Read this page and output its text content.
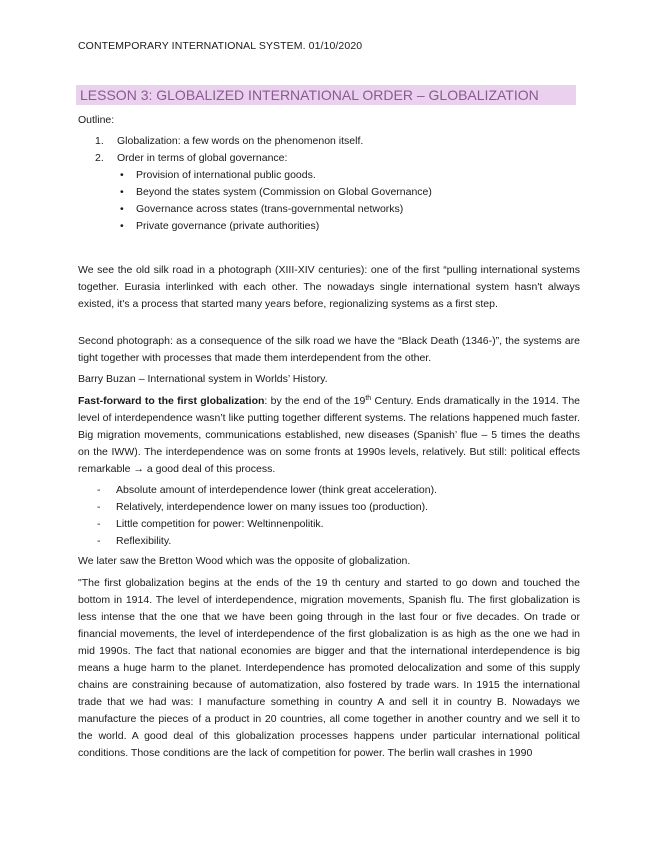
CONTEMPORARY INTERNATIONAL SYSTEM. 01/10/2020
LESSON 3: GLOBALIZED INTERNATIONAL ORDER – GLOBALIZATION
Outline:
1. Globalization: a few words on the phenomenon itself.
2. Order in terms of global governance:
• Provision of international public goods.
• Beyond the states system (Commission on Global Governance)
• Governance across states (trans-governmental networks)
• Private governance (private authorities)

We see the old silk road in a photograph (XIII-XIV centuries): one of the first “pulling international systems together. Eurasia interlinked with each other. The nowadays single international system hasn't always existed, it's a process that started many years before, regionalizing systems as a first step.

Second photograph: as a consequence of the silk road we have the “Black Death (1346-)”, the systems are tight together with processes that made them interdependent from the other.

Barry Buzan – International system in Worlds’ History.

Fast-forward to the first globalization: by the end of the 19th Century. Ends dramatically in the 1914. The level of interdependence wasn’t like putting together different systems. The relations happened much faster. Big migration movements, communications established, new diseases (Spanish’ flue – 5 times the deaths on the IWW). The interdependence was on some fronts at 1990s levels, relatively. But still: political effects remarkable → a good deal of this process.

- Absolute amount of interdependence lower (think great acceleration).
- Relatively, interdependence lower on many issues too (production).
- Little competition for power: Weltinnenpolitik.
- Reflexibility.

We later saw the Bretton Wood which was the opposite of globalization.

"The first globalization begins at the ends of the 19 th century and started to go down and touched the bottom in 1914. The level of interdependence, migration movements, Spanish flu. The first globalization is less intense that the one that we have been going through in the last four or five decades. On trade or financial movements, the level of interdependence of the first globalization is as high as the one we had in mid 1990s. The fact that national economies are bigger and that the international interdependence is big means a huge harm to the planet. Interdependence has promoted delocalization and some of this supply chains are constraining because of automatization, also fostered by trade wars. In 1915 the international trade that we had was: I manufacture something in country A and sell it in country B. Nowadays we manufacture the pieces of a product in 20 countries, all come together in another country and we sell it to the world. A good deal of this globalization processes happens under particular international political conditions. Those conditions are the lack of competition for power. The berlin wall crashes in 1990
